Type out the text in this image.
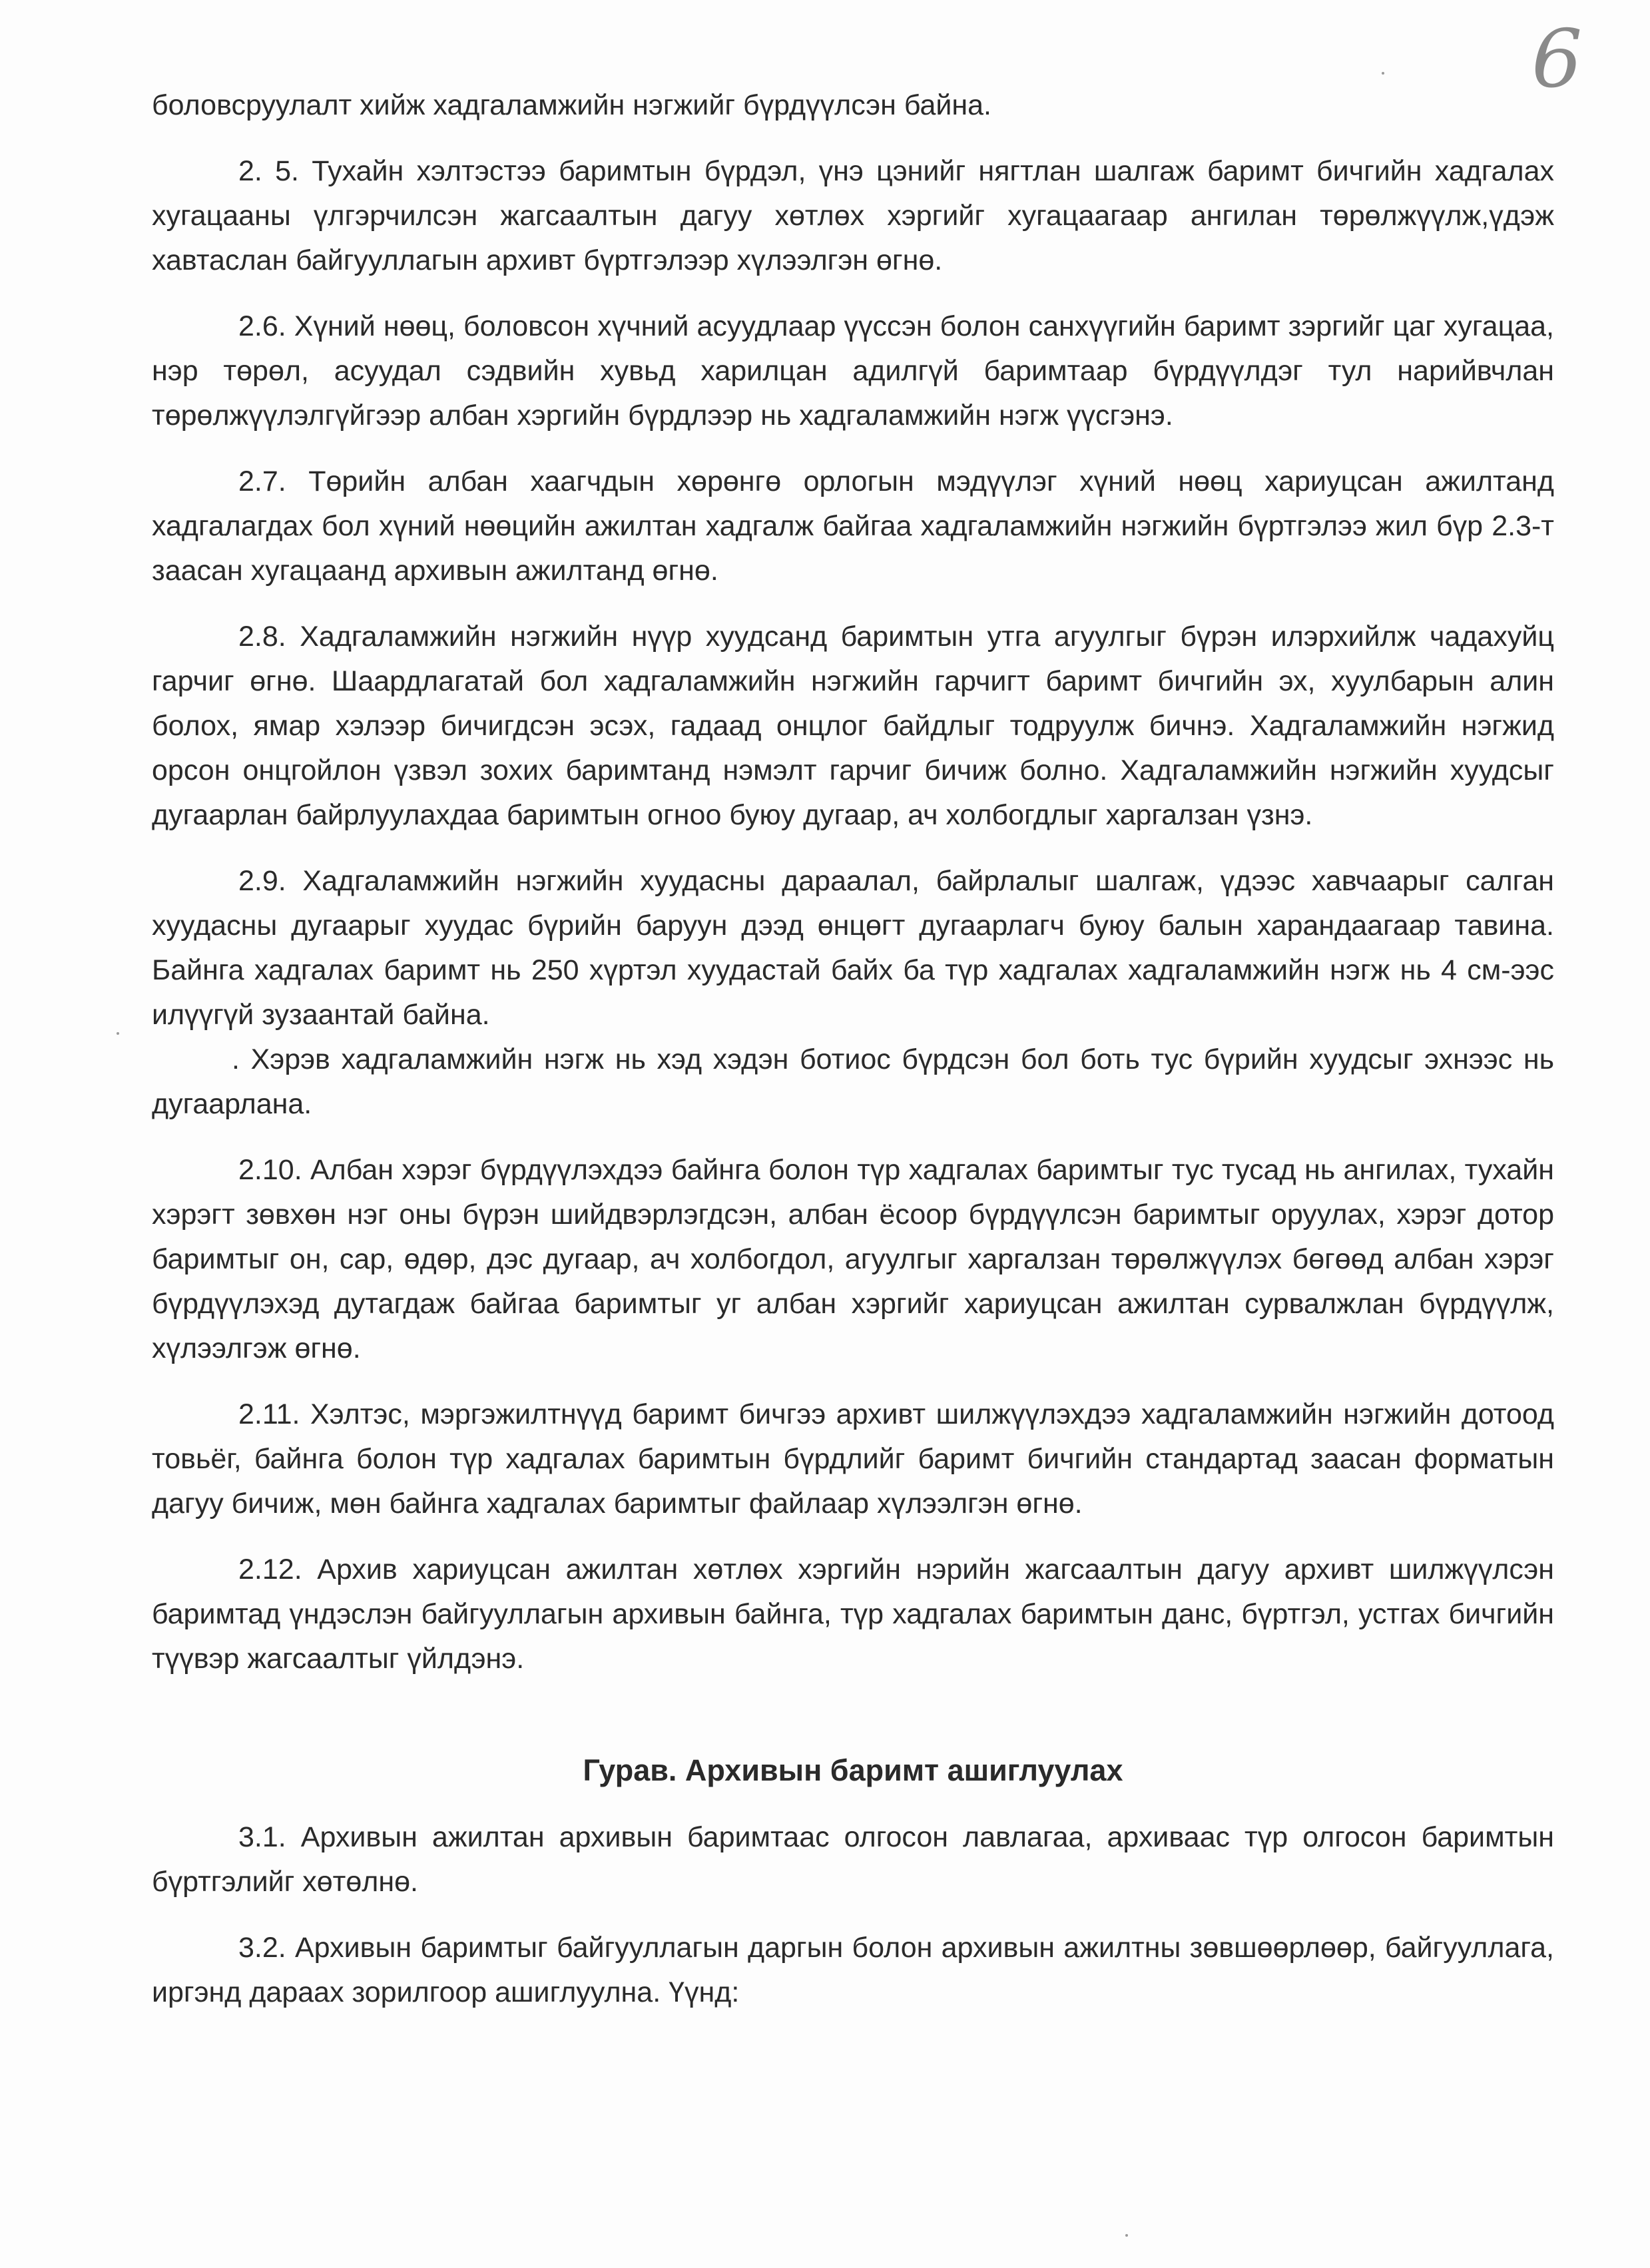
6

боловсруулалт хийж хадгаламжийн нэгжийг бүрдүүлсэн байна.

2. 5. Тухайн хэлтэстээ баримтын бүрдэл, үнэ цэнийг нягтлан шалгаж баримт бичгийн хадгалах хугацааны үлгэрчилсэн жагсаалтын дагуу хөтлөх хэргийг хугацаагаар ангилан төрөлжүүлж,үдэж хавтаслан байгууллагын архивт бүртгэлээр хүлээлгэн өгнө.

2.6. Хүний нөөц, боловсон хүчний асуудлаар үүссэн болон санхүүгийн баримт зэргийг цаг хугацаа, нэр төрөл, асуудал сэдвийн хувьд харилцан адилгүй баримтаар бүрдүүлдэг тул нарийвчлан төрөлжүүлэлгүйгээр албан хэргийн бүрдлээр нь хадгаламжийн нэгж үүсгэнэ.

2.7. Төрийн албан хаагчдын хөрөнгө орлогын мэдүүлэг хүний нөөц хариуцсан ажилтанд хадгалагдах бол хүний нөөцийн ажилтан хадгалж байгаа хадгаламжийн нэгжийн бүртгэлээ жил бүр 2.3-т заасан хугацаанд архивын ажилтанд өгнө.

2.8. Хадгаламжийн нэгжийн нүүр хуудсанд баримтын утга агуулгыг бүрэн илэрхийлж чадахуйц гарчиг өгнө. Шаардлагатай бол хадгаламжийн нэгжийн гарчигт баримт бичгийн эх, хуулбарын алин болох, ямар хэлээр бичигдсэн эсэх, гадаад онцлог байдлыг тодруулж бичнэ. Хадгаламжийн нэгжид орсон онцгойлон үзвэл зохих баримтанд нэмэлт гарчиг бичиж болно. Хадгаламжийн нэгжийн хуудсыг дугаарлан байрлуулахдаа баримтын огноо буюу дугаар, ач холбогдлыг харгалзан үзнэ.

2.9. Хадгаламжийн нэгжийн хуудасны дараалал, байрлалыг шалгаж, үдээс хавчаарыг салган хуудасны дугаарыг хуудас бүрийн баруун дээд өнцөгт дугаарлагч буюу балын харандаагаар тавина. Байнга хадгалах баримт нь 250 хүртэл хуудастай байх ба түр хадгалах хадгаламжийн нэгж нь 4 см-ээс илүүгүй зузаантай байна.

. Хэрэв хадгаламжийн нэгж нь хэд хэдэн ботиос бүрдсэн бол боть тус бүрийн хуудсыг эхнээс нь дугаарлана.

2.10. Албан хэрэг бүрдүүлэхдээ байнга болон түр хадгалах баримтыг тус тусад нь ангилах, тухайн хэрэгт зөвхөн нэг оны бүрэн шийдвэрлэгдсэн, албан ёсоор бүрдүүлсэн баримтыг оруулах, хэрэг дотор баримтыг он, сар, өдөр, дэс дугаар, ач холбогдол, агуулгыг харгалзан төрөлжүүлэх бөгөөд албан хэрэг бүрдүүлэхэд дутагдаж байгаа баримтыг уг албан хэргийг хариуцсан ажилтан сурвалжлан бүрдүүлж, хүлээлгэж өгнө.

2.11. Хэлтэс, мэргэжилтнүүд баримт бичгээ архивт шилжүүлэхдээ хадгаламжийн нэгжийн дотоод товьёг, байнга болон түр хадгалах баримтын бүрдлийг баримт бичгийн стандартад заасан форматын дагуу бичиж, мөн байнга хадгалах баримтыг файлаар хүлээлгэн өгнө.

2.12. Архив хариуцсан ажилтан хөтлөх хэргийн нэрийн жагсаалтын дагуу архивт шилжүүлсэн баримтад үндэслэн байгууллагын архивын байнга, түр хадгалах баримтын данс, бүртгэл, устгах бичгийн түүвэр жагсаалтыг үйлдэнэ.

Гурав. Архивын баримт ашиглуулах

3.1. Архивын ажилтан архивын баримтаас олгосон лавлагаа, архиваас түр олгосон баримтын бүртгэлийг хөтөлнө.

3.2. Архивын баримтыг байгууллагын даргын болон архивын ажилтны зөвшөөрлөөр, байгууллага, иргэнд дараах зорилгоор ашиглуулна. Үүнд:
